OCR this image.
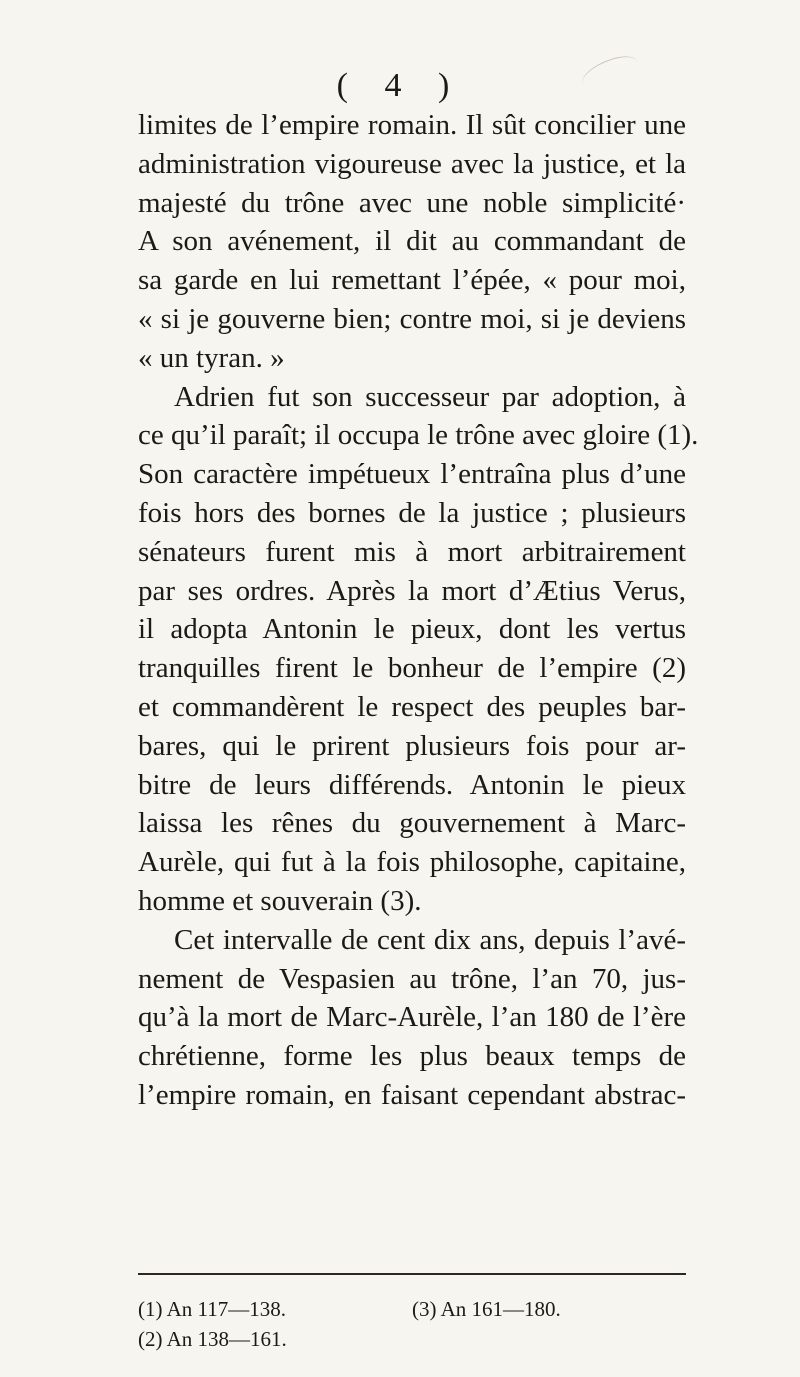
( 4 )
limites de l’empire romain. Il sût concilier une
administration vigoureuse avec la justice, et la
majesté du trône avec une noble simplicité·
A son avénement, il dit au commandant de
sa garde en lui remettant l’épée, « pour moi,
« si je gouverne bien; contre moi, si je deviens
« un tyran. »
Adrien fut son successeur par adoption, à
ce qu’il paraît; il occupa le trône avec gloire (1).
Son caractère impétueux l’entraîna plus d’une
fois hors des bornes de la justice ; plusieurs
sénateurs furent mis à mort arbitrairement
par ses ordres. Après la mort d’Ætius Verus,
il adopta Antonin le pieux, dont les vertus
tranquilles firent le bonheur de l’empire (2)
et commandèrent le respect des peuples bar-
bares, qui le prirent plusieurs fois pour ar-
bitre de leurs différends. Antonin le pieux
laissa les rênes du gouvernement à Marc-
Aurèle, qui fut à la fois philosophe, capitaine,
homme et souverain (3).
Cet intervalle de cent dix ans, depuis l’avé-
nement de Vespasien au trône, l’an 70, jus-
qu’à la mort de Marc-Aurèle, l’an 180 de l’ère
chrétienne, forme les plus beaux temps de
l’empire romain, en faisant cependant abstrac-
(1) An 117—138.	(3) An 161—180.
(2) An 138—161.
